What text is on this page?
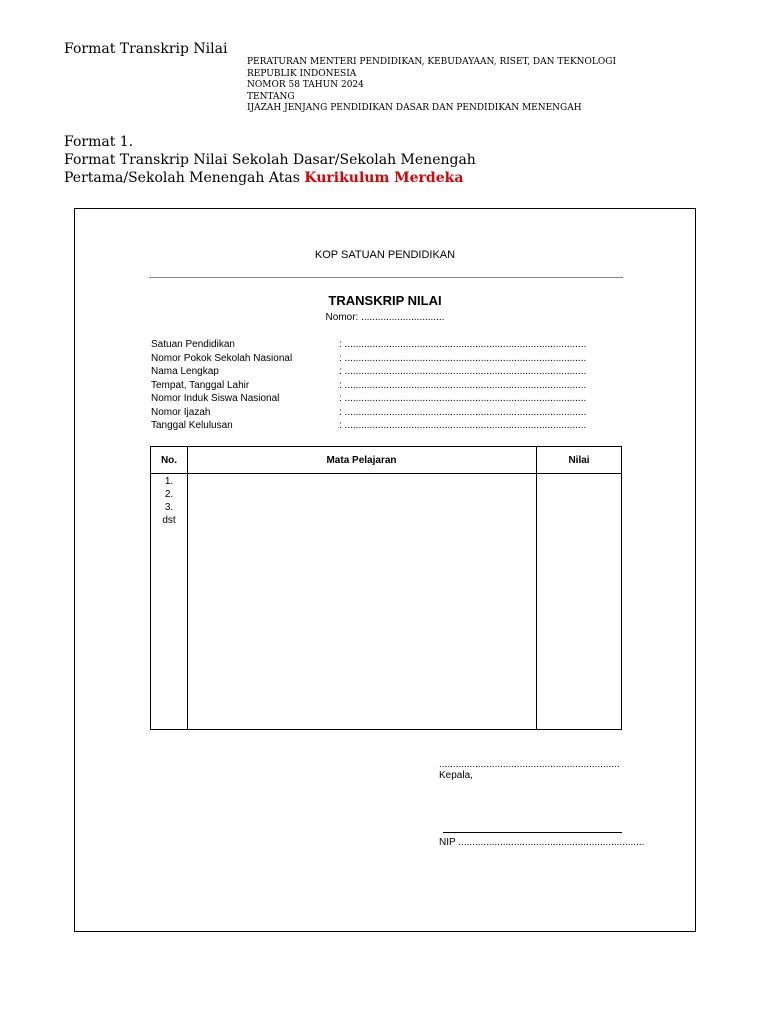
Format Transkrip Nilai
PERATURAN MENTERI PENDIDIKAN, KEBUDAYAAN, RISET, DAN TEKNOLOGI
REPUBLIK INDONESIA
NOMOR 58 TAHUN 2024
TENTANG
IJAZAH JENJANG PENDIDIKAN DASAR DAN PENDIDIKAN MENENGAH
Format 1.
Format Transkrip Nilai Sekolah Dasar/Sekolah Menengah
Pertama/Sekolah Menengah Atas Kurikulum Merdeka
KOP SATUAN PENDIDIKAN
TRANSKRIP NILAI
Nomor: ..............................
Satuan Pendidikan	: .......................................................................................
Nomor Pokok Sekolah Nasional	: .......................................................................................
Nama Lengkap	: .......................................................................................
Tempat, Tanggal Lahir	: .......................................................................................
Nomor Induk Siswa Nasional	: .......................................................................................
Nomor Ijazah	: .......................................................................................
Tanggal Kelulusan	: .......................................................................................
No.	Mata Pelajaran	Nilai
1.
2.
3.
dst
.................................................................
Kepala,
NIP ...................................................................
